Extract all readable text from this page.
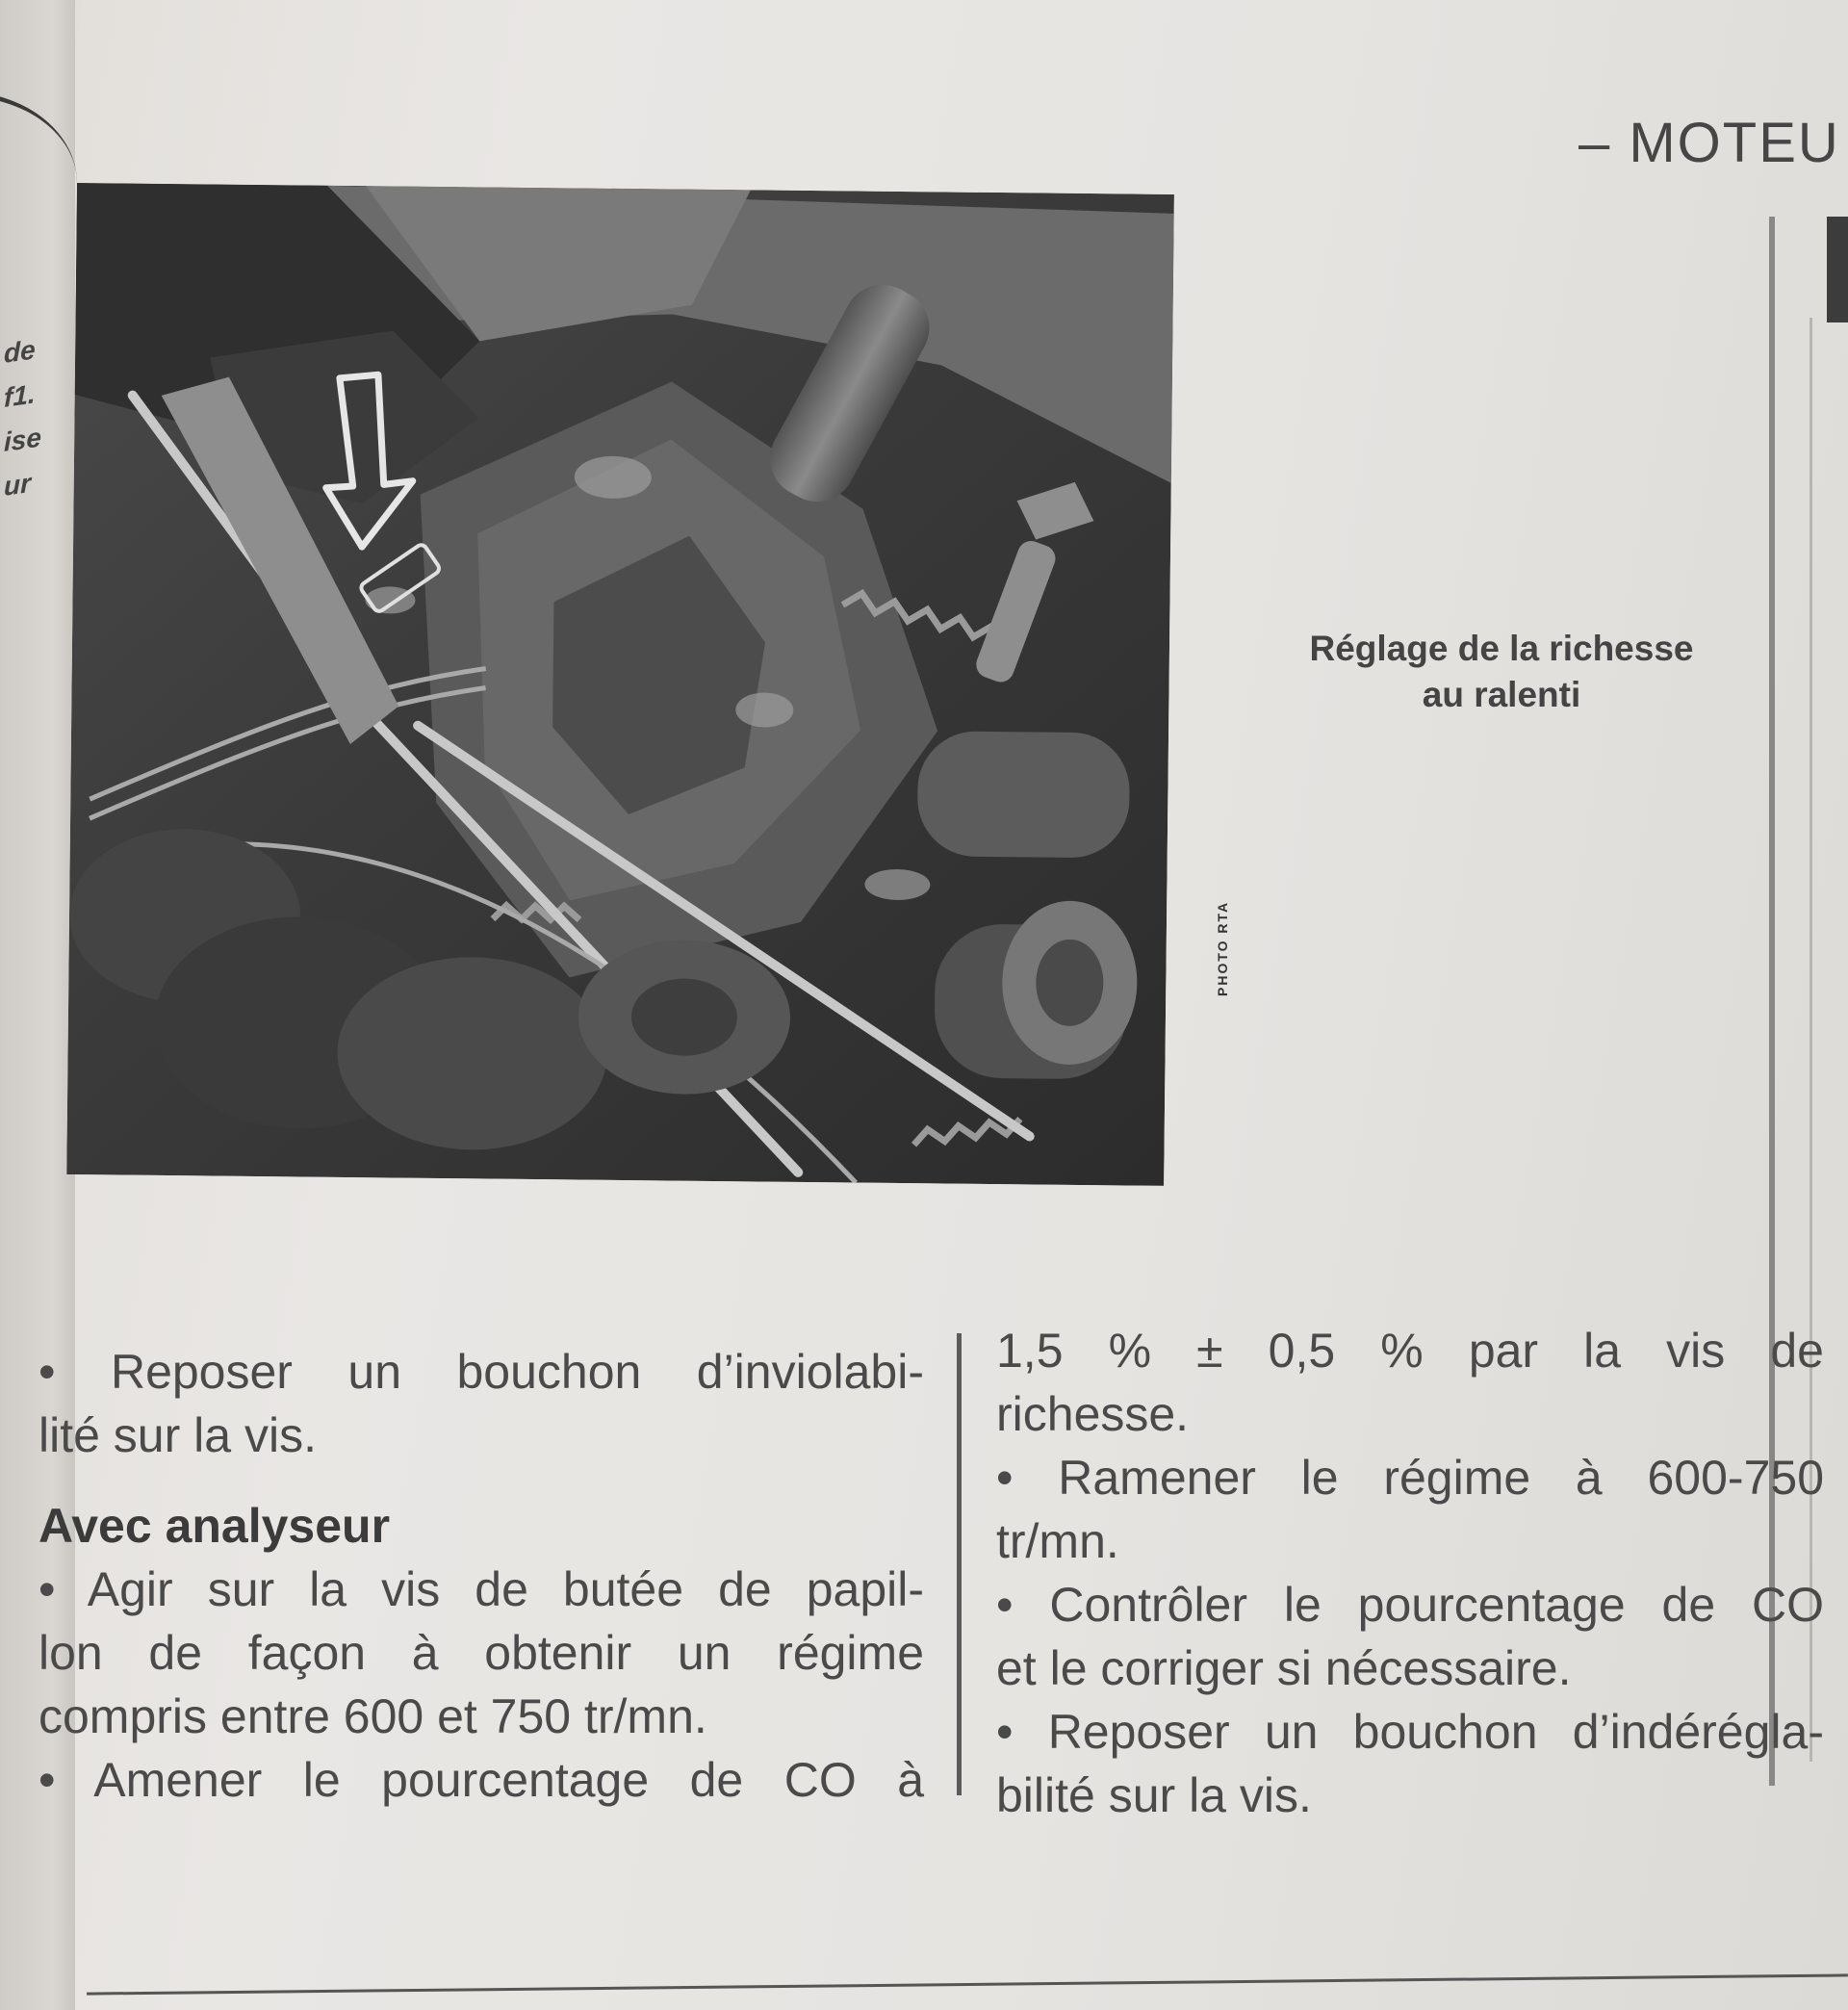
de
f1.
ise
ur
– MOTEU
PHOTO RTA
Réglage de la richesse
au ralenti

• Reposer un bouchon d’inviolabi-

lité sur la vis.

Avec analyseur

• Agir sur la vis de butée de papil-

lon de façon à obtenir un régime

compris entre 600 et 750 tr/mn.

• Amener le pourcentage de CO à

1,5 % ± 0,5 % par la vis de

richesse.

• Ramener le régime à 600-750

tr/mn.

• Contrôler le pourcentage de CO

et le corriger si nécessaire.

• Reposer un bouchon d’indérégla-

bilité sur la vis.
